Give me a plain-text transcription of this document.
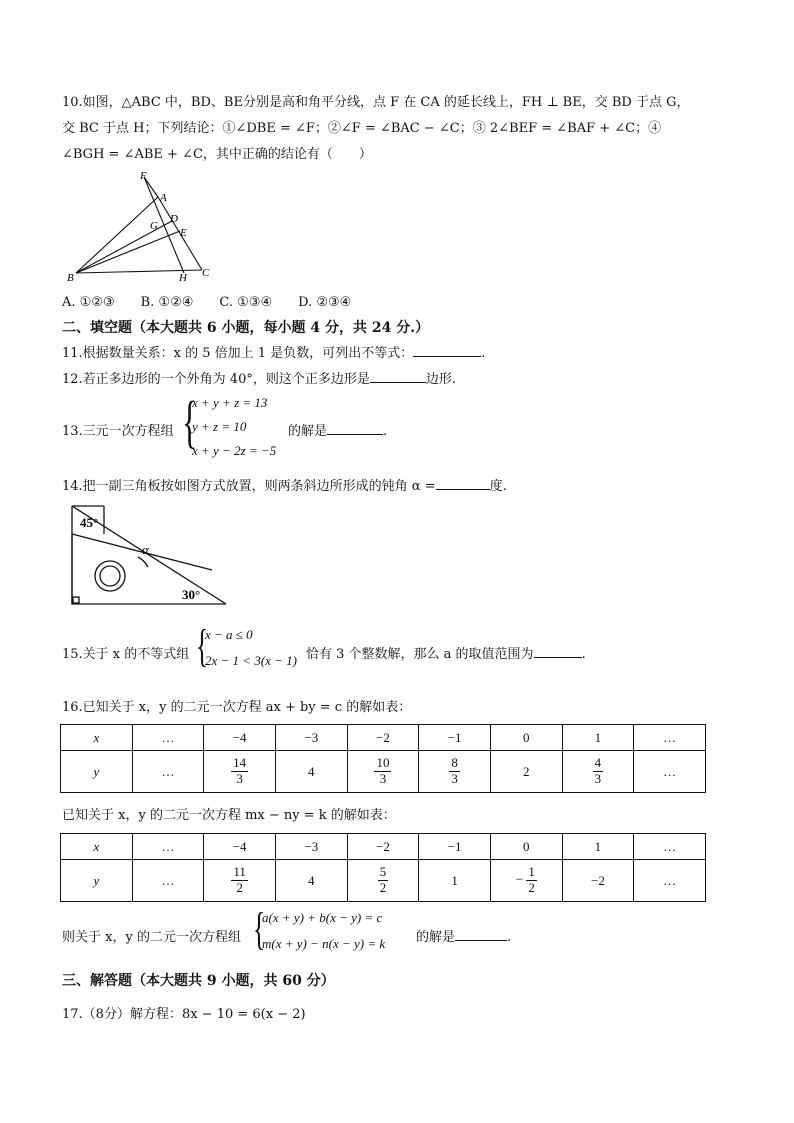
10.如图，△ABC 中，BD、BE分别是高和角平分线，点 F 在 CA 的延长线上，FH ⊥ BE，交 BD 于点 G，
交 BC 于点 H；下列结论：①∠DBE = ∠F；②∠F = ∠BAC − ∠C；③ 2∠BEF = ∠BAF + ∠C；④
∠BGH = ∠ABE + ∠C，其中正确的结论有（　　）
F
A
D
G
E
B	H C
A. ①②③　　B. ①②④　　C. ①③④　　D. ②③④
二、填空题（本大题共 6 小题，每小题 4 分，共 24 分.）
11.根据数量关系：x 的 5 倍加上 1 是负数，可列出不等式：	.
12.若正多边形的一个外角为 40°，则这个正多边形是	边形.
13.三元一次方程组 {
x + y + z = 13
y + z = 10
x + y − 2z = −5
的解是	.
14.把一副三角板按如图方式放置，则两条斜边所形成的钝角 α =	度.
45°
30°
α
15.关于 x 的不等式组 {
x − a ≤ 0
2x − 1 < 3(x − 1) 恰有 3 个整数解，那么 a 的取值范围为	.
16.已知关于 x，y 的二元一次方程 ax + by = c 的解如表：
x	…	−4	−3	−2	−1	0	1	…
y	…	$\frac{14}{3}$	4	$\frac{10}{3}$	$\frac{8}{3}$	2	$\frac{4}{3}$	…
已知关于 x，y 的二元一次方程 mx − ny = k 的解如表：
x	…	−4	−3	−2	−1	0	1	…
y	…	$\frac{11}{2}$	4	$\frac{5}{2}$	1	− $\frac{1}{2}$	−2	…
则关于 x，y 的二元一次方程组 {
a(x + y) + b(x − y) = c
m(x + y) − n(x − y) = k 的解是	.
三、解答题（本大题共 9 小题，共 60 分）
17.（8分）解方程：8x − 10 = 6(x − 2)
